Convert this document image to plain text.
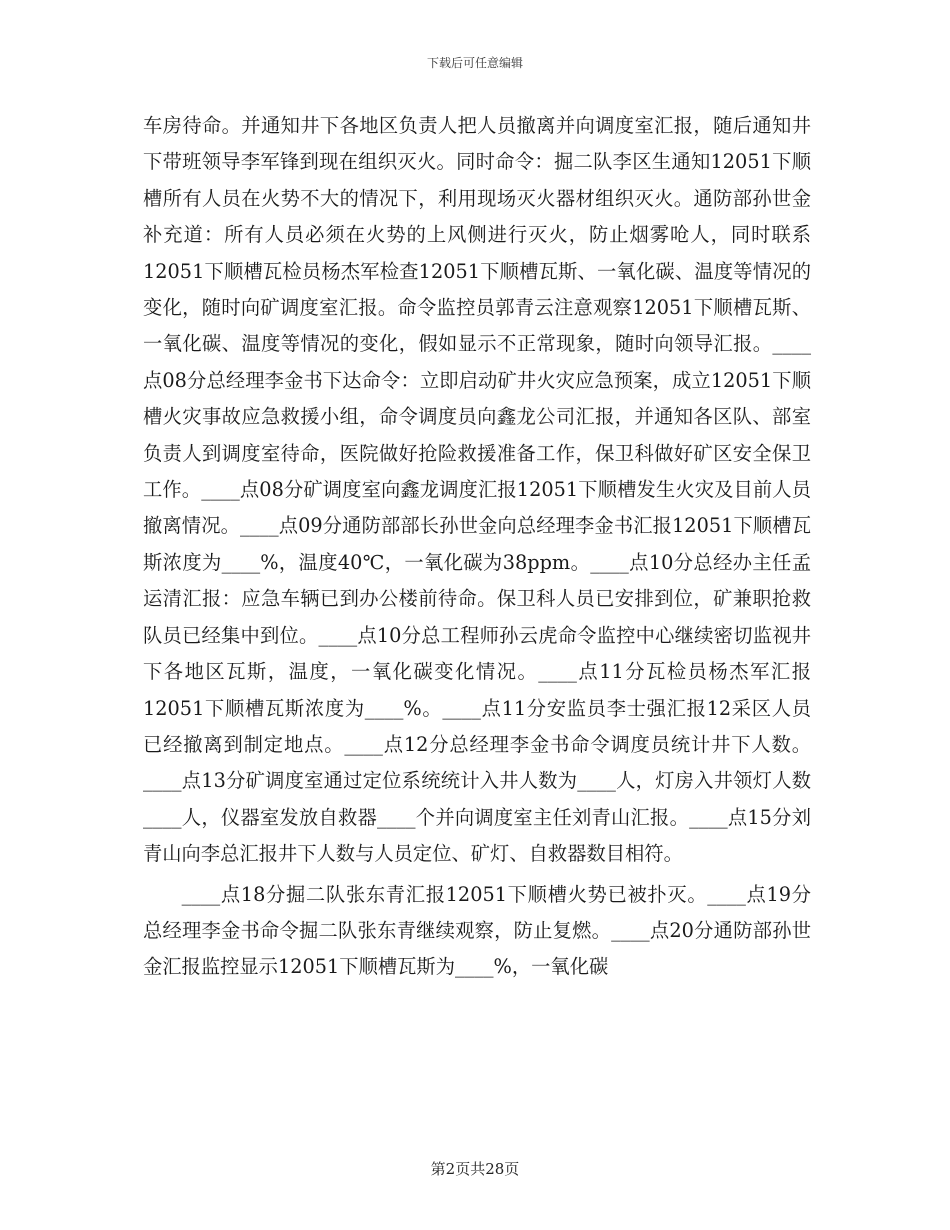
下载后可任意编辑

车房待命。并通知井下各地区负责人把人员撤离并向调度室汇报，随后通知井下带班领导李军锋到现在组织灭火。同时命令：掘二队李区生通知12051下顺槽所有人员在火势不大的情况下，利用现场灭火器材组织灭火。通防部孙世金补充道：所有人员必须在火势的上风侧进行灭火，防止烟雾呛人，同时联系12051下顺槽瓦检员杨杰军检查12051下顺槽瓦斯、一氧化碳、温度等情况的变化，随时向矿调度室汇报。命令监控员郭青云注意观察12051下顺槽瓦斯、一氧化碳、温度等情况的变化，假如显示不正常现象，随时向领导汇报。____点08分总经理李金书下达命令：立即启动矿井火灾应急预案，成立12051下顺槽火灾事故应急救援小组，命令调度员向鑫龙公司汇报，并通知各区队、部室负责人到调度室待命，医院做好抢险救援准备工作，保卫科做好矿区安全保卫工作。____点08分矿调度室向鑫龙调度汇报12051下顺槽发生火灾及目前人员撤离情况。____点09分通防部部长孙世金向总经理李金书汇报12051下顺槽瓦斯浓度为____%，温度40℃，一氧化碳为38ppm。____点10分总经办主任孟运清汇报：应急车辆已到办公楼前待命。保卫科人员已安排到位，矿兼职抢救队员已经集中到位。____点10分总工程师孙云虎命令监控中心继续密切监视井下各地区瓦斯，温度，一氧化碳变化情况。____点11分瓦检员杨杰军汇报12051下顺槽瓦斯浓度为____%。____点11分安监员李士强汇报12采区人员已经撤离到制定地点。____点12分总经理李金书命令调度员统计井下人数。____点13分矿调度室通过定位系统统计入井人数为____人，灯房入井领灯人数____人，仪器室发放自救器____个并向调度室主任刘青山汇报。____点15分刘青山向李总汇报井下人数与人员定位、矿灯、自救器数目相符。

____点18分掘二队张东青汇报12051下顺槽火势已被扑灭。____点19分总经理李金书命令掘二队张东青继续观察，防止复燃。____点20分通防部孙世金汇报监控显示12051下顺槽瓦斯为____%，一氧化碳

第2页共28页
